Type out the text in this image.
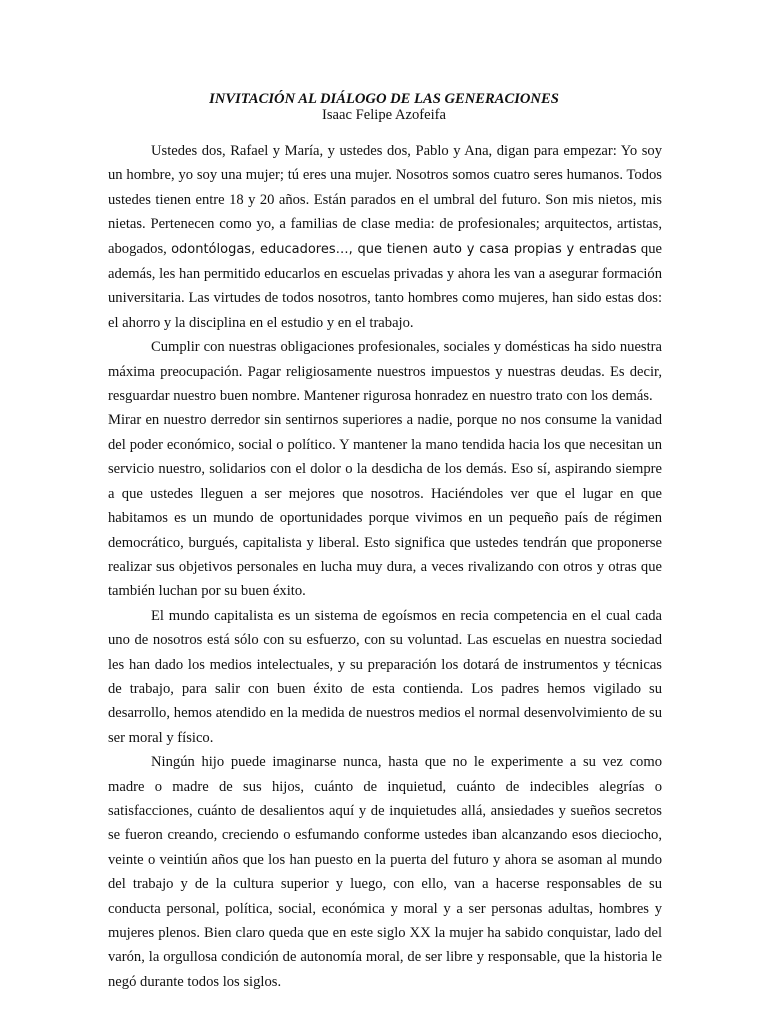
INVITACIÓN AL DIÁLOGO DE LAS GENERACIONES
Isaac Felipe Azofeifa

Ustedes dos, Rafael y María, y ustedes dos, Pablo y Ana, digan para empezar: Yo soy un hombre, yo soy una mujer; tú eres una mujer. Nosotros somos cuatro seres humanos. Todos ustedes tienen entre 18 y 20 años. Están parados en el umbral del futuro. Son mis nietos, mis nietas. Pertenecen como yo, a familias de clase media: de profesionales; arquitectos, artistas, abogados, odontólogas, educadores…, que tienen auto y casa propias y entradas que además, les han permitido educarlos en escuelas privadas y ahora les van a asegurar formación universitaria. Las virtudes de todos nosotros, tanto hombres como mujeres, han sido estas dos: el ahorro y la disciplina en el estudio y en el trabajo.

Cumplir con nuestras obligaciones profesionales, sociales y domésticas ha sido nuestra máxima preocupación. Pagar religiosamente nuestros impuestos y nuestras deudas. Es decir, resguardar nuestro buen nombre. Mantener rigurosa honradez en nuestro trato con los demás.

Mirar en nuestro derredor sin sentirnos superiores a nadie, porque no nos consume la vanidad del poder económico, social o político. Y mantener la mano tendida hacia los que necesitan un servicio nuestro, solidarios con el dolor o la desdicha de los demás. Eso sí, aspirando siempre a que ustedes lleguen a ser mejores que nosotros. Haciéndoles ver que el lugar en que habitamos es un mundo de oportunidades porque vivimos en un pequeño país de régimen democrático, burgués, capitalista y liberal. Esto significa que ustedes tendrán que proponerse realizar sus objetivos personales en lucha muy dura, a veces rivalizando con otros y otras que también luchan por su buen éxito.

El mundo capitalista es un sistema de egoísmos en recia competencia en el cual cada uno de nosotros está sólo con su esfuerzo, con su voluntad. Las escuelas en nuestra sociedad les han dado los medios intelectuales, y su preparación los dotará de instrumentos y técnicas de trabajo, para salir con buen éxito de esta contienda. Los padres hemos vigilado su desarrollo, hemos atendido en la medida de nuestros medios el normal desenvolvimiento de su ser moral y físico.

Ningún hijo puede imaginarse nunca, hasta que no le experimente a su vez como madre o madre de sus hijos, cuánto de inquietud, cuánto de indecibles alegrías o satisfacciones, cuánto de desalientos aquí y de inquietudes allá, ansiedades y sueños secretos se fueron creando, creciendo o esfumando conforme ustedes iban alcanzando esos dieciocho, veinte o veintiún años que los han puesto en la puerta del futuro y ahora se asoman al mundo del trabajo y de la cultura superior y luego, con ello, van a hacerse responsables de su conducta personal, política, social, económica y moral y a ser personas adultas, hombres y mujeres plenos. Bien claro queda que en este siglo XX la mujer ha sabido conquistar, lado del varón, la orgullosa condición de autonomía moral, de ser libre y responsable, que la historia le negó durante todos los siglos.
